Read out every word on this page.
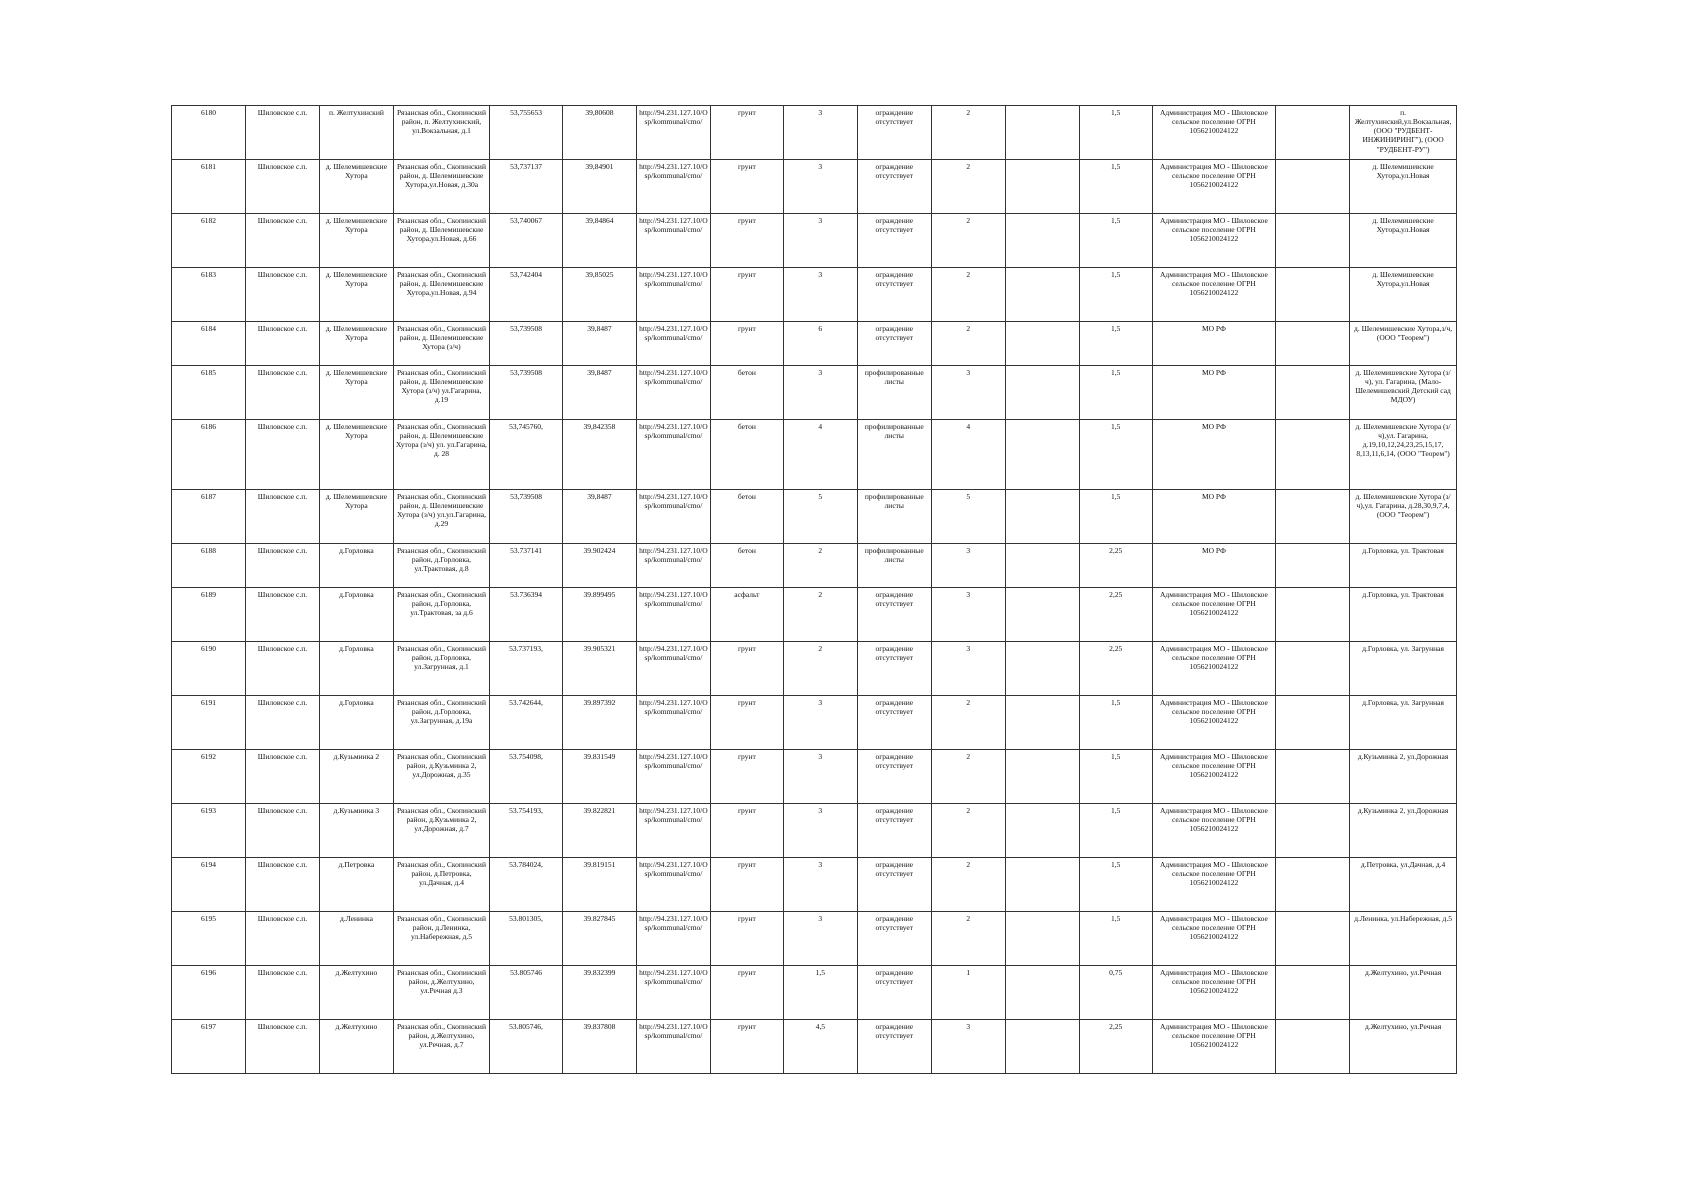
6180	Шиловское с.п.	п. Желтухинский	Рязанская обл., Скопинский район, п. Желтухинский, ул.Вокзальная, д.1	53,755653	39,80608	http://94.231.127.10/Osp/kommunal/cmo/	грунт	3	ограждение отсутствует	2		1,5	Администрация МО - Шиловское сельское поселение ОГРН 1056210024122		п. Желтухинский,ул.Вокзальная, (ООО "РУДБЕНТ-ИНЖИНИРИНГ"), (ООО "РУДБЕНТ-РУ")
6181	Шиловское с.п.	д. Шелемишевские Хутора	Рязанская обл., Скопинский район, д. Шелемишевские Хутора,ул.Новая, д.30а	53,737137	39,84901	http://94.231.127.10/Osp/kommunal/cmo/	грунт	3	ограждение отсутствует	2		1,5	Администрация МО - Шиловское сельское поселение ОГРН 1056210024122		д. Шелемишевские Хутора,ул.Новая
6182	Шиловское с.п.	д. Шелемишевские Хутора	Рязанская обл., Скопинский район, д. Шелемишевские Хутора,ул.Новая, д.66	53,740067	39,84864	http://94.231.127.10/Osp/kommunal/cmo/	грунт	3	ограждение отсутствует	2		1,5	Администрация МО - Шиловское сельское поселение ОГРН 1056210024122		д. Шелемишевские Хутора,ул.Новая
6183	Шиловское с.п.	д. Шелемишевские Хутора	Рязанская обл., Скопинский район, д. Шелемишевские Хутора,ул.Новая, д.94	53,742404	39,85025	http://94.231.127.10/Osp/kommunal/cmo/	грунт	3	ограждение отсутствует	2		1,5	Администрация МО - Шиловское сельское поселение ОГРН 1056210024122		д. Шелемишевские Хутора,ул.Новая
6184	Шиловское с.п.	д. Шелемишевские Хутора	Рязанская обл., Скопинский район, д. Шелемишевские Хутора (з/ч)	53,739508	39,8487	http://94.231.127.10/Osp/kommunal/cmo/	грунт	6	ограждение отсутствует	2		1,5	МО РФ		д. Шелемишевские Хутора,з/ч, (ООО "Теорем")
6185	Шиловское с.п.	д. Шелемишевские Хутора	Рязанская обл., Скопинский район, д. Шелемишевские Хутора (з/ч) ул.Гагарина, д.19	53,739508	39,8487	http://94.231.127.10/Osp/kommunal/cmo/	бетон	3	профилированные листы	3		1,5	МО РФ		д. Шелемишевские Хутора (з/ч), ул. Гагарина, (Мало-Шелемишевский Детский сад МДОУ)
6186	Шиловское с.п.	д. Шелемишевские Хутора	Рязанская обл., Скопинский район, д. Шелемишевские Хутора (з/ч) ул. ул.Гагарина, д. 28	53,745760,	39,842358	http://94.231.127.10/Osp/kommunal/cmo/	бетон	4	профилированные листы	4		1,5	МО РФ		д. Шелемишевские Хутора (з/ч),ул. Гагарина, д.19,10,12,24,23,25,15,17, 8,13,11,6,14, (ООО "Теорем")
6187	Шиловское с.п.	д. Шелемишевские Хутора	Рязанская обл., Скопинский район, д. Шелемишевские Хутора (з/ч) ул.ул.Гагарина, д.29	53,739508	39,8487	http://94.231.127.10/Osp/kommunal/cmo/	бетон	5	профилированные листы	5		1,5	МО РФ		д. Шелемишевские Хутора (з/ч),ул. Гагарина, д.28,30,9,7,4, (ООО "Теорем")
6188	Шиловское с.п.	д.Горловка	Рязанская обл., Скопинский район, д.Горловка, ул.Трактовая, д.8	53.737141	39.902424	http://94.231.127.10/Osp/kommunal/cmo/	бетон	2	профилированные листы	3		2,25	МО РФ		д.Горловка, ул. Трактовая
6189	Шиловское с.п.	д.Горловка	Рязанская обл., Скопинский район, д.Горловка, ул.Трактовая, за д.6	53.736394	39.899495	http://94.231.127.10/Osp/kommunal/cmo/	асфальт	2	ограждение отсутствует	3		2,25	Администрация МО - Шиловское сельское поселение ОГРН 1056210024122		д.Горловка, ул. Трактовая
6190	Шиловское с.п.	д.Горловка	Рязанская обл., Скопинский район, д.Горловка, ул.Загрунная, д.1	53.737193,	39.905321	http://94.231.127.10/Osp/kommunal/cmo/	грунт	2	ограждение отсутствует	3		2,25	Администрация МО - Шиловское сельское поселение ОГРН 1056210024122		д.Горловка, ул. Загрунная
6191	Шиловское с.п.	д.Горловка	Рязанская обл., Скопинский район, д.Горловка, ул.Загрунная, д.19а	53.742644,	39.897392	http://94.231.127.10/Osp/kommunal/cmo/	грунт	3	ограждение отсутствует	2		1,5	Администрация МО - Шиловское сельское поселение ОГРН 1056210024122		д.Горловка, ул. Загрунная
6192	Шиловское с.п.	д.Кузьминка 2	Рязанская обл., Скопинский район, д.Кузьминка 2, ул.Дорожная, д.35	53.754098,	39.831549	http://94.231.127.10/Osp/kommunal/cmo/	грунт	3	ограждение отсутствует	2		1,5	Администрация МО - Шиловское сельское поселение ОГРН 1056210024122		д.Кузьминка 2, ул.Дорожная
6193	Шиловское с.п.	д.Кузьминка 3	Рязанская обл., Скопинский район, д.Кузьминка 2, ул.Дорожная, д.7	53.754193,	39.822821	http://94.231.127.10/Osp/kommunal/cmo/	грунт	3	ограждение отсутствует	2		1,5	Администрация МО - Шиловское сельское поселение ОГРН 1056210024122		д.Кузьминка 2, ул.Дорожная
6194	Шиловское с.п.	д.Петровка	Рязанская обл., Скопинский район, д.Петровка, ул.Дачная, д.4	53.784024,	39.819151	http://94.231.127.10/Osp/kommunal/cmo/	грунт	3	ограждение отсутствует	2		1,5	Администрация МО - Шиловское сельское поселение ОГРН 1056210024122		д.Петровка, ул.Дачная, д.4
6195	Шиловское с.п.	д.Ленинка	Рязанская обл., Скопинский район, д.Ленинка, ул.Набережная, д.5	53.801305,	39.827845	http://94.231.127.10/Osp/kommunal/cmo/	грунт	3	ограждение отсутствует	2		1,5	Администрация МО - Шиловское сельское поселение ОГРН 1056210024122		д.Ленинка, ул.Набережная, д.5
6196	Шиловское с.п.	д.Желтухино	Рязанская обл., Скопинский район, д.Желтухино, ул.Речная д.3	53.805746	39.832399	http://94.231.127.10/Osp/kommunal/cmo/	грунт	1,5	ограждение отсутствует	1		0,75	Администрация МО - Шиловское сельское поселение ОГРН 1056210024122		д.Желтухино, ул.Речная
6197	Шиловское с.п.	д.Желтухино	Рязанская обл., Скопинский район, д.Желтухино, ул.Речная, д.7	53.805746,	39.837808	http://94.231.127.10/Osp/kommunal/cmo/	грунт	4,5	ограждение отсутствует	3		2,25	Администрация МО - Шиловское сельское поселение ОГРН 1056210024122		д.Желтухино, ул.Речная
